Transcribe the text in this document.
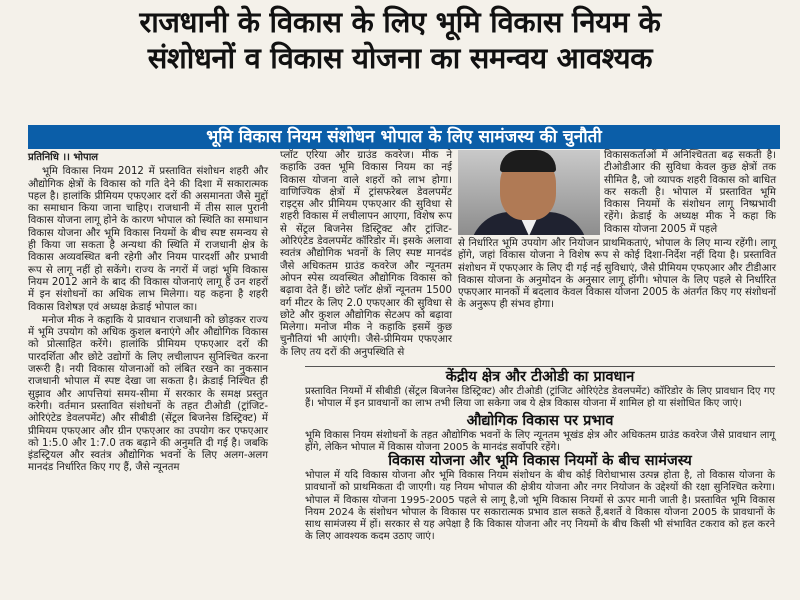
राजधानी के विकास के लिए भूमि विकास नियम के
संशोधनों व विकास योजना का समन्वय आवश्यक
भूमि विकास नियम संशोधन भोपाल के लिए सामंजस्य की चुनौती

प्रतिनिधि ।। भोपाल

भूमि विकास नियम 2012 में प्रस्तावित संशोधन शहरी और औद्योगिक क्षेत्रों के विकास को गति देने की दिशा में सकारात्मक पहल है। हालांकि प्रीमियम एफएआर दरों की असमानता जैसे मुद्दों का समाधान किया जाना चाहिए। राजधानी में तीस साल पुरानी विकास योजना लागू होने के कारण भोपाल को स्थिति का समाधान विकास योजना और भूमि विकास नियमों के बीच स्पष्ट समन्वय से ही किया जा सकता है अन्यथा की स्थिति में राजधानी क्षेत्र के विकास अव्यवस्थित बनी रहेगी और नियम पारदर्शी और प्रभावी रूप से लागू नहीं हो सकेंगे। राज्य के नगरों में जहां भूमि विकास नियम 2012 आने के बाद की विकास योजनाएं लागू हैं उन शहरों में इन संशोधनों का अधिक लाभ मिलेगा। यह कहना है शहरी विकास विशेषज्ञ एवं अध्यक्ष क्रेडाई भोपाल का।

मनोज मीक ने कहाकि ये प्रावधान राजधानी को छोड़कर राज्य में भूमि उपयोग को अधिक कुशल बनाएंगे और औद्योगिक विकास को प्रोत्साहित करेंगे। हालांकि प्रीमियम एफएआर दरों की पारदर्शिता और छोटे उद्योगों के लिए लचीलापन सुनिश्चित करना जरूरी है। नयी विकास योजनाओं को लंबित रखने का नुकसान राजधानी भोपाल में स्पष्ट देखा जा सकता है। क्रेडाई निश्चित ही सुझाव और आपत्तियां समय-सीमा में सरकार के समक्ष प्रस्तुत करेगी। वर्तमान प्रस्तावित संशोधनों के तहत टीओडी (ट्रांजिट-ओरिएंटेड डेवलपमेंट) और सीबीडी (सेंट्रल बिजनेस डिस्ट्रिक्ट) में प्रीमियम एफएआर और ग्रीन एफएआर का उपयोग कर एफएआर को 1:5.0 और 1:7.0 तक बढ़ाने की अनुमति दी गई है। जबकि इंडस्ट्रियल और स्वतंत्र औद्योगिक भवनों के लिए अलग-अलग मानदंड निर्धारित किए गए हैं, जैसे न्यूनतम

प्लॉट एरिया और ग्राउंड कवरेज। मीक ने कहाकि उक्त भूमि विकास नियम का नई विकास योजना वाले शहरों को लाभ होगा। वाणिज्यिक क्षेत्रों में ट्रांसफरेबल डेवलपमेंट राइट्स और प्रीमियम एफएआर की सुविधा से शहरी विकास में लचीलापन आएगा, विशेष रूप से सेंट्रल बिजनेस डिस्ट्रिक्ट और ट्रांजिट-ओरिएंटेड डेवलपमेंट कॉरिडोर में। इसके अलावा स्वतंत्र औद्योगिक भवनों के लिए स्पष्ट मानदंड जैसे अधिकतम ग्राउंड कवरेज और न्यूनतम ओपन स्पेस व्यवस्थित औद्योगिक विकास को बढ़ावा देते हैं। छोटे प्लॉट क्षेत्रों न्यूनतम 1500 वर्ग मीटर के लिए 2.0 एफएआर की सुविधा से छोटे और कुशल औद्योगिक सेटअप को बढ़ावा मिलेगा। मनोज मीक ने कहाकि इसमें कुछ चुनौतियां भी आएंगी। जैसे-प्रीमियम एफएआर के लिए तय दरों की अनुपस्थिति से

विकासकर्ताओं में अनिश्चितता बढ़ सकती है। टीओडीआर की सुविधा केवल कुछ क्षेत्रों तक सीमित है, जो व्यापक शहरी विकास को बाधित कर सकती है। भोपाल में प्रस्तावित भूमि विकास नियमों के संशोधन लागू निष्प्रभावी रहेंगे। क्रेडाई के अध्यक्ष मीक ने कहा कि विकास योजना 2005 में पहले

से निर्धारित भूमि उपयोग और नियोजन प्राथमिकताएं, भोपाल के लिए मान्य रहेंगी। लागू होंगे, जहां विकास योजना ने विशेष रूप से कोई दिशा-निर्देश नहीं दिया है। प्रस्तावित संशोधन में एफएआर के लिए दी गई नई सुविधाएं, जैसे प्रीमियम एफएआर और टीडीआर विकास योजना के अनुमोदन के अनुसार लागू होंगी। भोपाल के लिए पहले से निर्धारित एफएआर मानकों में बदलाव केवल विकास योजना 2005 के अंतर्गत किए गए संशोधनों के अनुरूप ही संभव होगा।

केंद्रीय क्षेत्र और टीओडी का प्रावधान

प्रस्तावित नियमों में सीबीडी (सेंट्रल बिजनेस डिस्ट्रिक्ट) और टीओडी (ट्रांजिट ओरिएंटेड डेवलपमेंट) कॉरिडोर के लिए प्रावधान दिए गए हैं। भोपाल में इन प्रावधानों का लाभ तभी लिया जा सकेगा जब ये क्षेत्र विकास योजना में शामिल हो या संशोधित किए जाएं।

औद्योगिक विकास पर प्रभाव

भूमि विकास नियम संशोधनों के तहत औद्योगिक भवनों के लिए न्यूनतम भूखंड क्षेत्र और अधिकतम ग्राउंड कवरेज जैसे प्रावधान लागू होंगे, लेकिन भोपाल में विकास योजना 2005 के मानदंड सर्वोपरि रहेंगे।

विकास योजना और भूमि विकास नियमों के बीच सामंजस्य

भोपाल में यदि विकास योजना और भूमि विकास नियम संशोधन के बीच कोई विरोधाभास उत्पन्न होता है, तो विकास योजना के प्रावधानों को प्राथमिकता दी जाएगी। यह नियम भोपाल की क्षेत्रीय योजना और नगर नियोजन के उद्देश्यों की रक्षा सुनिश्चित करेगा। भोपाल में विकास योजना 1995-2005 पहले से लागू है,जो भूमि विकास नियमों से ऊपर मानी जाती है। प्रस्तावित भूमि विकास नियम 2024 के संशोधन भोपाल के विकास पर सकारात्मक प्रभाव डाल सकते हैं,बशर्ते वे विकास योजना 2005 के प्रावधानों के साथ सामंजस्य में हों। सरकार से यह अपेक्षा है कि विकास योजना और नए नियमों के बीच किसी भी संभावित टकराव को हल करने के लिए आवश्यक कदम उठाए जाएं।
